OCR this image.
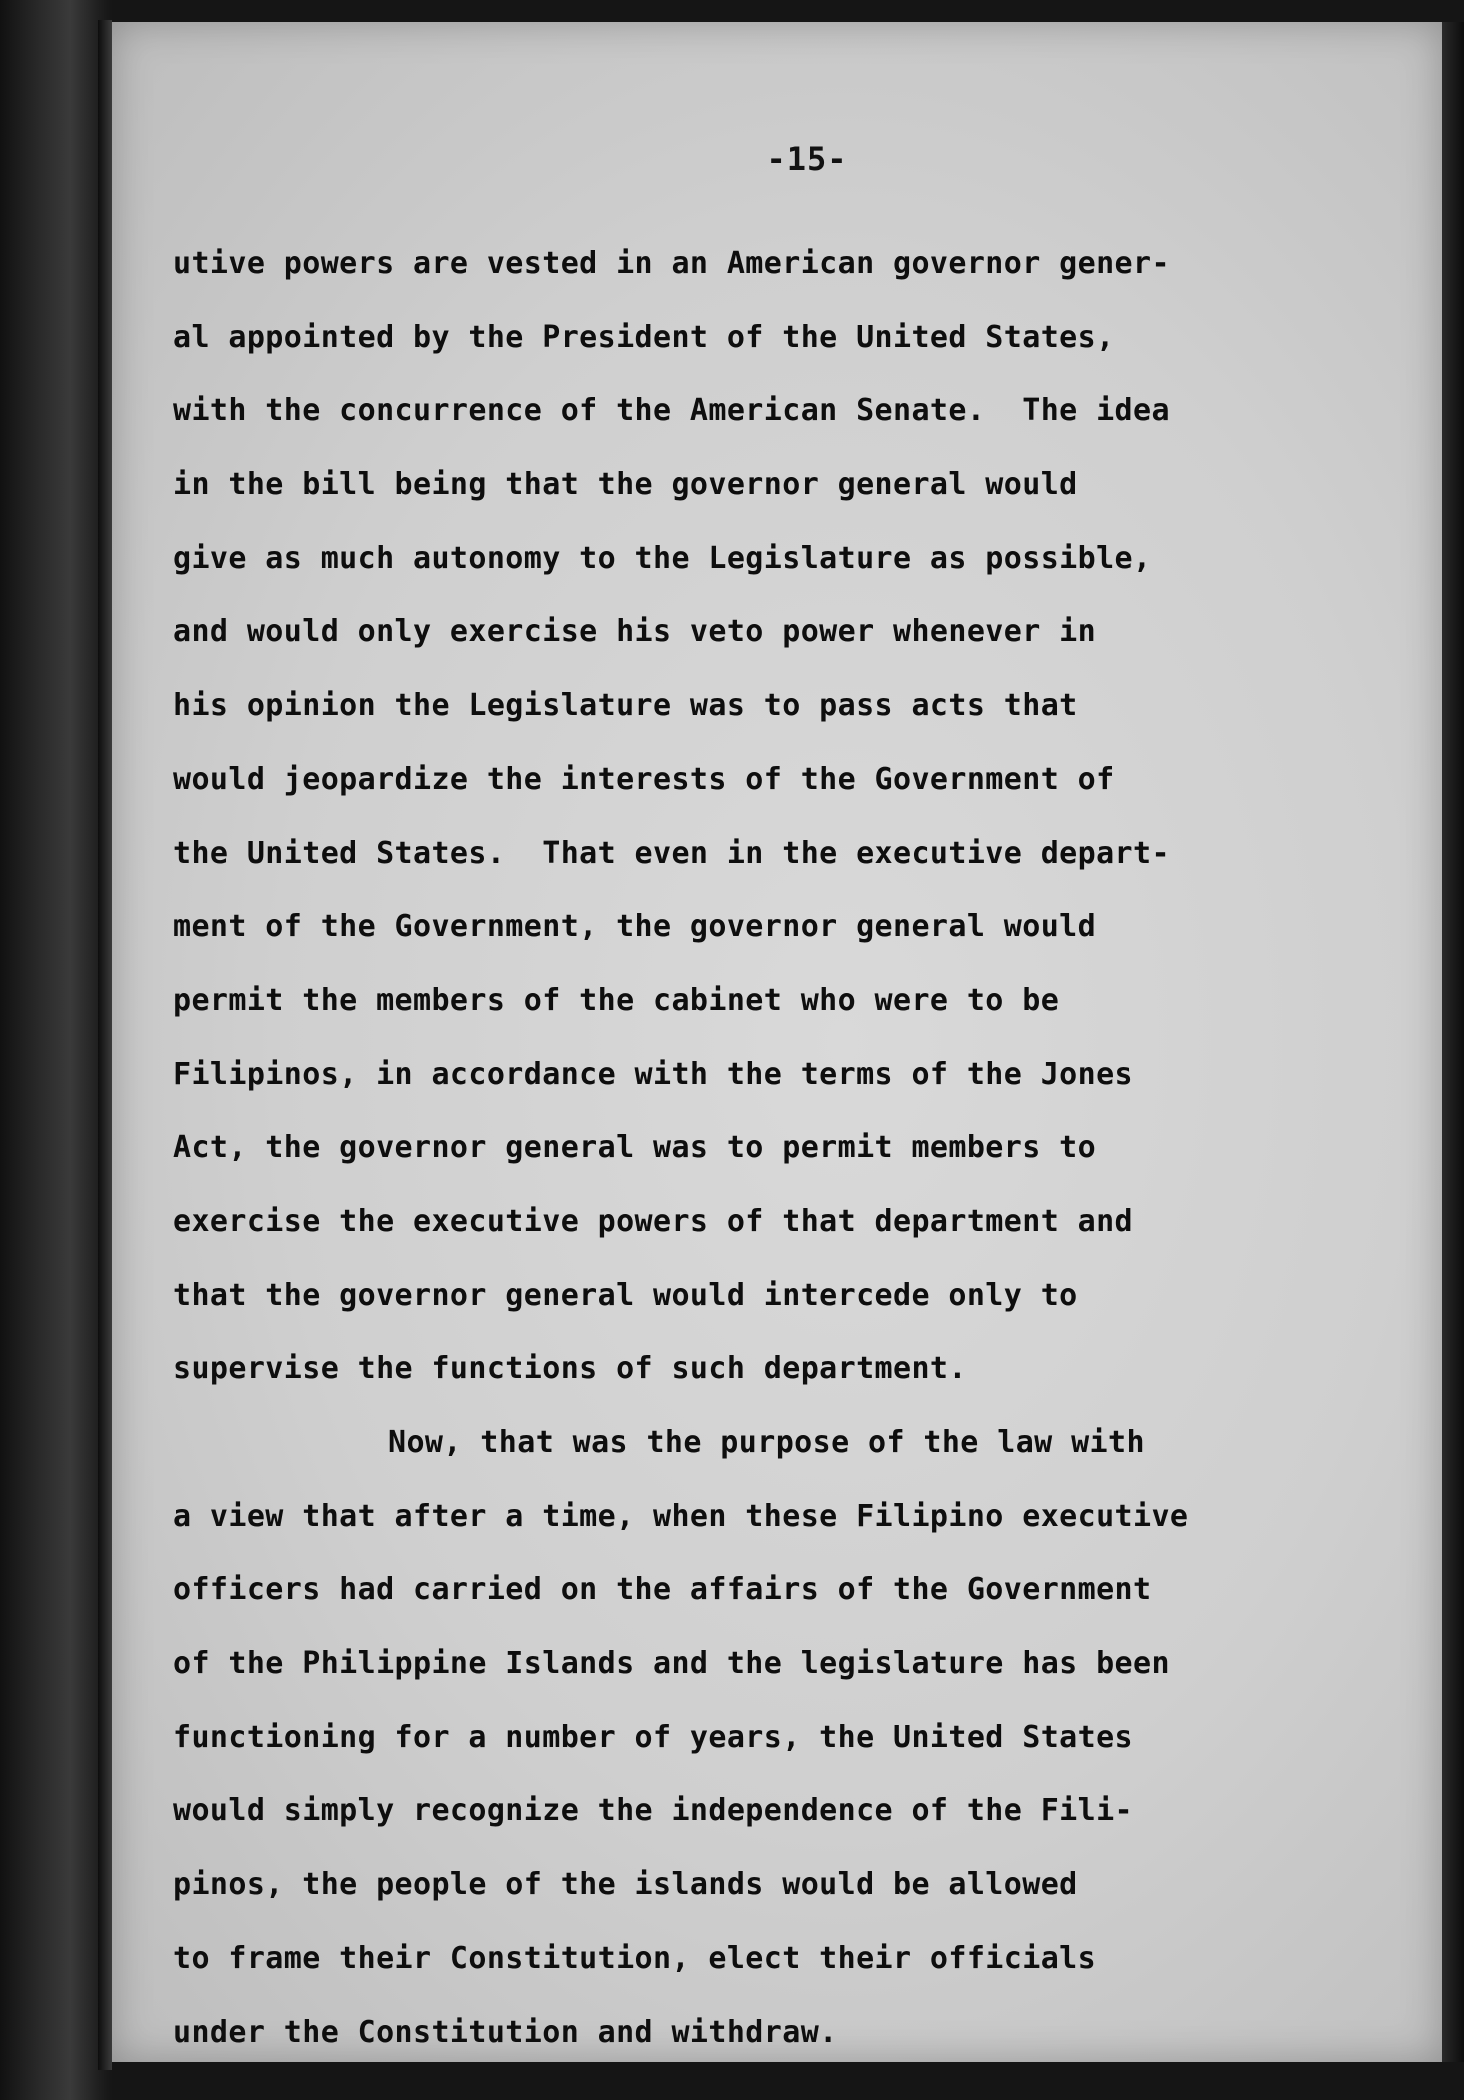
-15-

utive powers are vested in an American governor gener-
al appointed by the President of the United States,
with the concurrence of the American Senate.  The idea
in the bill being that the governor general would
give as much autonomy to the Legislature as possible,
and would only exercise his veto power whenever in
his opinion the Legislature was to pass acts that
would jeopardize the interests of the Government of
the United States.  That even in the executive depart-
ment of the Government, the governor general would
permit the members of the cabinet who were to be
Filipinos, in accordance with the terms of the Jones
Act, the governor general was to permit members to
exercise the executive powers of that department and
that the governor general would intercede only to
supervise the functions of such department.
Now, that was the purpose of the law with
a view that after a time, when these Filipino executive
officers had carried on the affairs of the Government
of the Philippine Islands and the legislature has been
functioning for a number of years, the United States
would simply recognize the independence of the Fili-
pinos, the people of the islands would be allowed
to frame their Constitution, elect their officials
under the Constitution and withdraw.
